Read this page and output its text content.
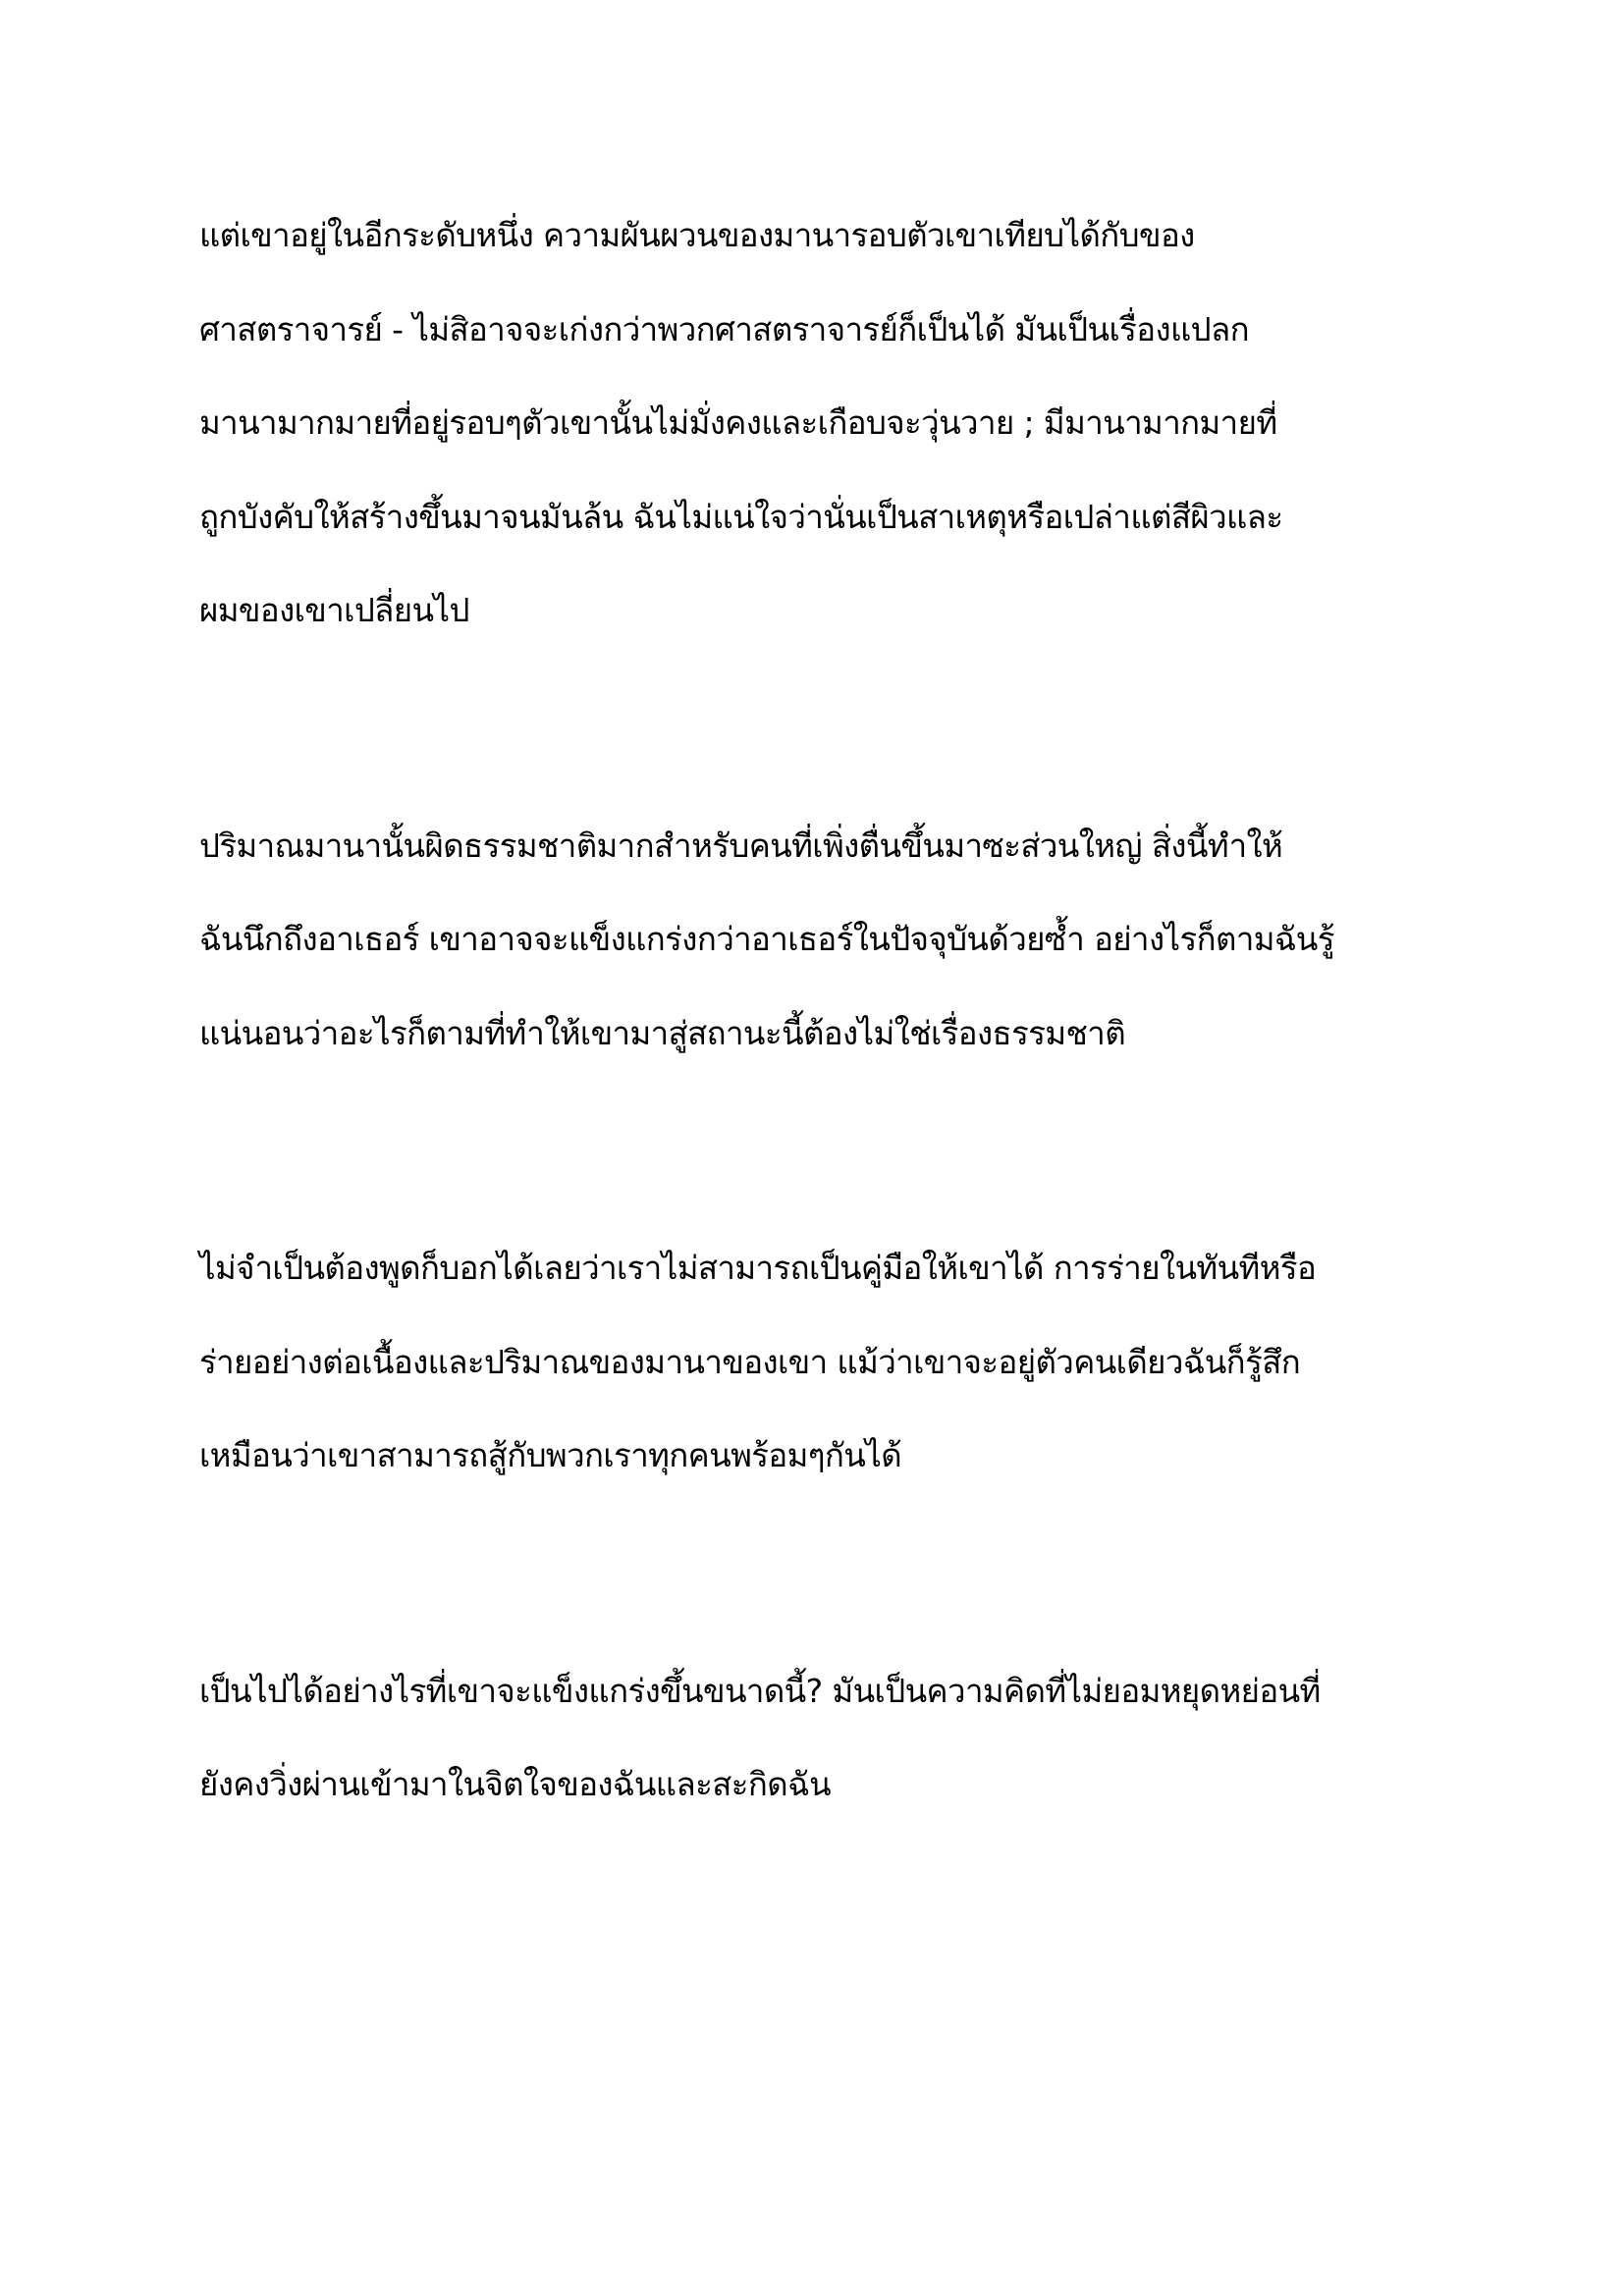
แต่เขาอยู่ในอีกระดับหนึ่ง ความผันผวนของมานารอบตัวเขาเทียบได้กับของ
ศาสตราจารย์ - ไม่สิอาจจะเก่งกว่าพวกศาสตราจารย์ก็เป็นได้ มันเป็นเรื่องแปลก
มานามากมายที่อยู่รอบๆตัวเขานั้นไม่มั่งคงและเกือบจะวุ่นวาย ; มีมานามากมายที่
ถูกบังคับให้สร้างขึ้นมาจนมันล้น ฉันไม่แน่ใจว่านั่นเป็นสาเหตุหรือเปล่าแต่สีผิวและ
ผมของเขาเปลี่ยนไป
ปริมาณมานานั้นผิดธรรมชาติมากสำหรับคนที่เพิ่งตื่นขึ้นมาซะส่วนใหญ่ สิ่งนี้ทำให้
ฉันนึกถึงอาเธอร์ เขาอาจจะแข็งแกร่งกว่าอาเธอร์ในปัจจุบันด้วยซ้ำ อย่างไรก็ตามฉันรู้
แน่นอนว่าอะไรก็ตามที่ทำให้เขามาสู่สถานะนี้ต้องไม่ใช่เรื่องธรรมชาติ
ไม่จำเป็นต้องพูดก็บอกได้เลยว่าเราไม่สามารถเป็นคู่มือให้เขาได้ การร่ายในทันทีหรือ
ร่ายอย่างต่อเนื้องและปริมาณของมานาของเขา แม้ว่าเขาจะอยู่ตัวคนเดียวฉันก็รู้สึก
เหมือนว่าเขาสามารถสู้กับพวกเราทุกคนพร้อมๆกันได้
เป็นไปได้อย่างไรที่เขาจะแข็งแกร่งขึ้นขนาดนี้? มันเป็นความคิดที่ไม่ยอมหยุดหย่อนที่
ยังคงวิ่งผ่านเข้ามาในจิตใจของฉันและสะกิดฉัน
